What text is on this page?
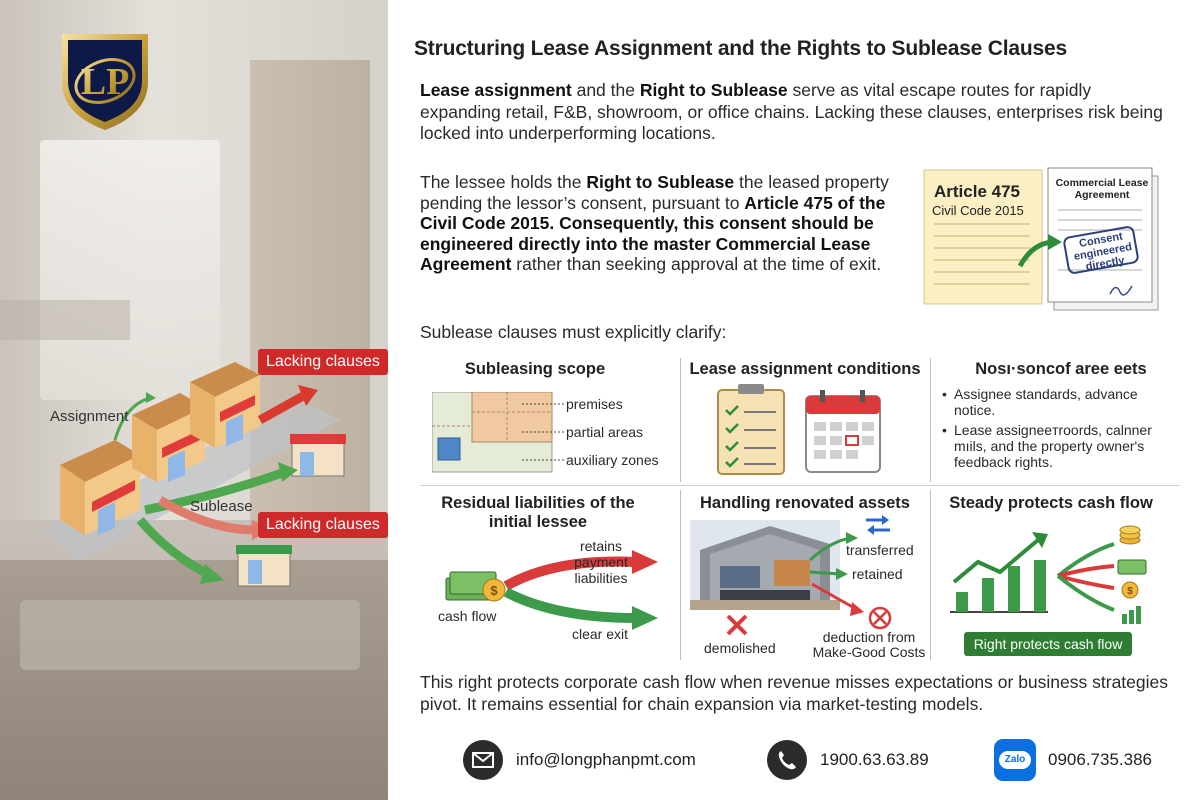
LP
Lacking clauses
Lacking clauses
Assignment
Sublease
Structuring Lease Assignment and the Rights to Sublease Clauses
Lease assignment and the Right to Sublease serve as vital escape routes for rapidly expanding retail, F&B, showroom, or office chains. Lacking these clauses, enterprises risk being locked into underperforming locations.
The lessee holds the Right to Sublease the leased property pending the lessor’s consent, pursuant to Article 475 of the Civil Code 2015. Consequently, this consent should be engineered directly into the master Commercial Lease Agreement rather than seeking approval at the time of exit.
Article 475
Civil Code 2015
Commercial Lease Agreement
Consent engineered directly
Sublease clauses must explicitly clarify:
Subleasing scope
premises
partial areas
auxiliary zones
Lease assignment conditions	Nosı·soncof aree eets
• Assignee standards, advance notice.
• Lease assigneeтroords, calnner mıils, and the property owner's feedback rights.
Residual liabilities of the initial lessee
$
cash flow
retains payment liabilities
clear exit
Handling renovated assets
transferred
retained
demolished
deduction from Make-Good Costs
Steady protects cash flow
$
Right protects cash flow
This right protects corporate cash flow when revenue misses expectations or business strategies pivot. It remains essential for chain expansion via market-testing models.
info@longphanpmt.com	1900.63.63.89	Zalo	0906.735.386
